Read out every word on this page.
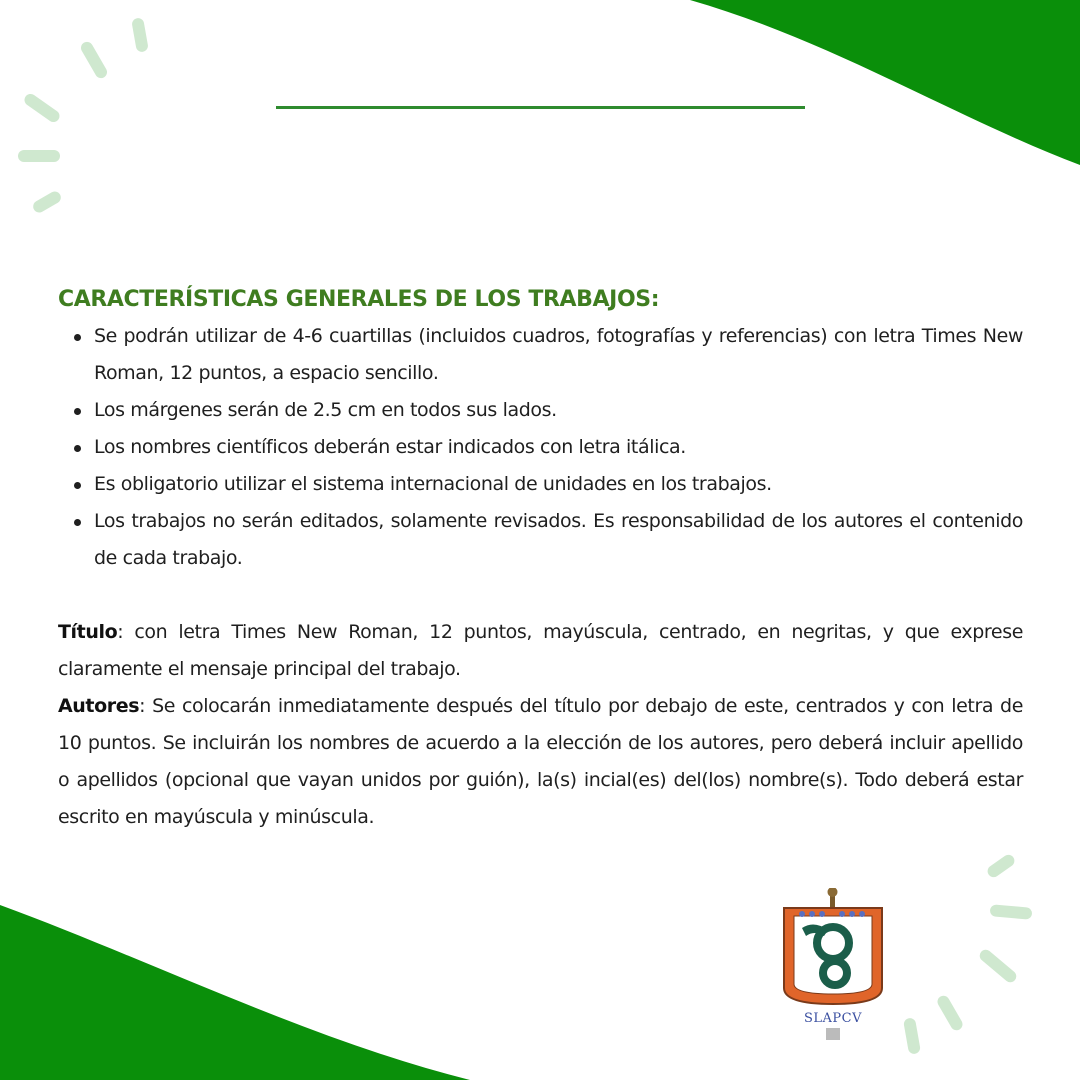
CARACTERÍSTICAS GENERALES DE LOS TRABAJOS:
Se podrán utilizar de 4-6 cuartillas (incluidos cuadros, fotografías y referencias) con letra Times New Roman, 12 puntos, a espacio sencillo.
Los márgenes serán de 2.5 cm en todos sus lados.
Los nombres científicos deberán estar indicados con letra itálica.
Es obligatorio utilizar el sistema internacional de unidades en los trabajos.
Los trabajos no serán editados, solamente revisados. Es responsabilidad de los autores el contenido de cada trabajo.

Título: con letra Times New Roman, 12 puntos, mayúscula, centrado, en negritas, y que exprese claramente el mensaje principal del trabajo.

Autores: Se colocarán inmediatamente después del título por debajo de este, centrados y con letra de 10 puntos. Se incluirán los nombres de acuerdo a la elección de los autores, pero deberá incluir apellido o apellidos (opcional que vayan unidos por guión), la(s) incial(es) del(los) nombre(s). Todo deberá estar escrito en mayúscula y minúscula.

SLAPCV
